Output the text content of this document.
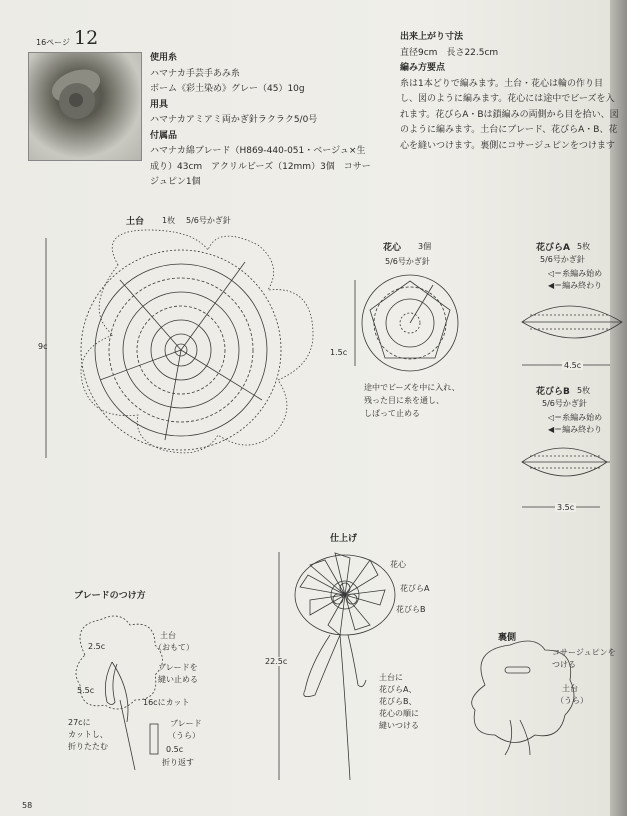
16ページ 12
使用糸
ハマナカ手芸手あみ糸
ボーム《彩土染め》グレー（45）10g
用具
ハマナカアミアミ両かぎ針ラクラク5/0号
付属品
ハマナカ綿ブレード（H869-440-051・ベージュ×生
成り）43cm　アクリルビーズ（12mm）3個　コサー
ジュピン1個
出来上がり寸法
直径9cm　長さ22.5cm
編み方要点
糸は1本どりで編みます。土台・花心は輪の作り目
し、図のように編みます。花心には途中でビーズを入
れます。花びらA・Bは鎖編みの両側から目を拾い、図
のように編みます。土台にブレード、花びらA・B、花
心を縫いつけます。裏側にコサージュピンをつけます
土台 1枚 5/6号かぎ針
9c
花心 3個
5/6号かぎ針
1.5c
途中でビーズを中に入れ、
残った目に糸を通し、
しばって止める
花びらA 5枚
5/6号かぎ針
◁＝糸編み始め
◀＝編み終わり
4.5c
花びらB 5枚
5/6号かぎ針
◁＝糸編み始め
◀＝編み終わり
3.5c
仕上げ
22.5c
花心
花びらA
花びらB
土台に
花びらA、
花びらB、
花心の順に
縫いつける
ブレードのつけ方
2.5c
5.5c
16cにカット
27cに
カットし、
折りたたむ
土台
（おもて）
ブレードを
縫い止める
ブレード
（うら）
0.5c
折り返す
裏側
コサージュピンを
つける
土台
（うら）
58
